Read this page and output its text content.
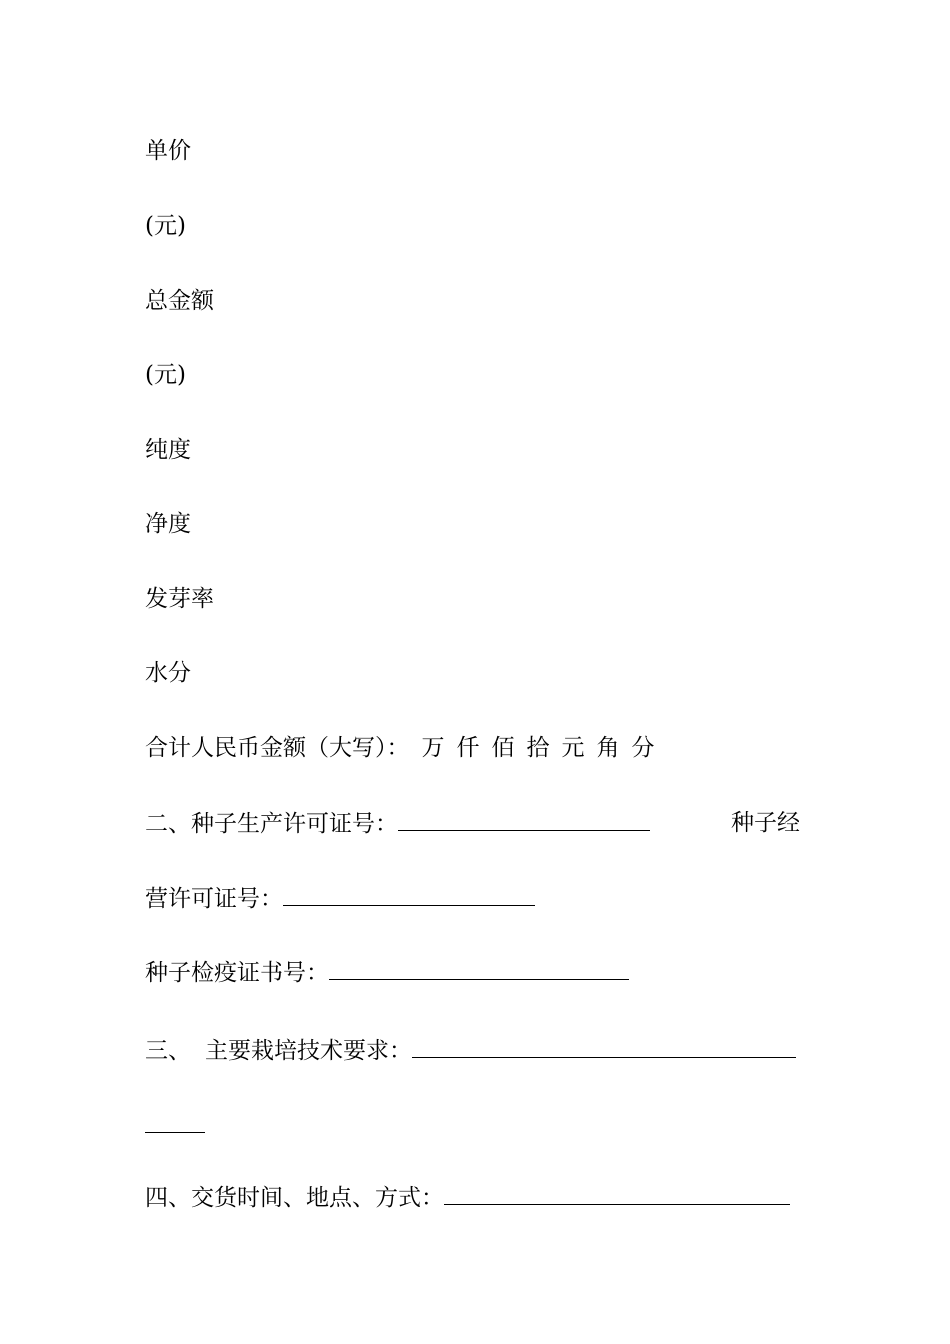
单价
(元)
总金额
(元)
纯度
净度
发芽率
水分
合计人民币金额（大写）： 万 仟 佰 拾 元 角 分
二、种子生产许可证号：	种子经
营许可证号：
种子检疫证书号：
三、 主要栽培技术要求：
四、交货时间、地点、方式：
